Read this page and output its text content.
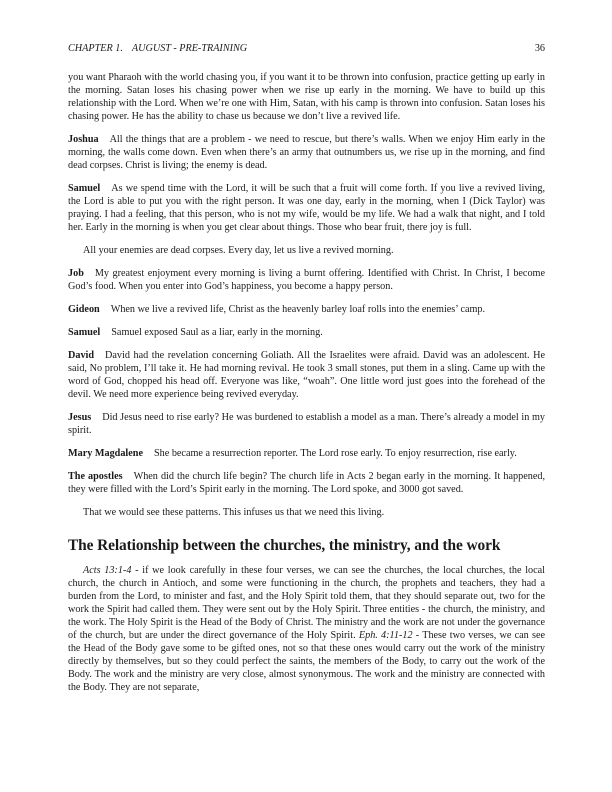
CHAPTER 1. AUGUST - PRE-TRAINING	36

you want Pharaoh with the world chasing you, if you want it to be thrown into confusion, practice getting up early in the morning. Satan loses his chasing power when we rise up early in the morning. We have to build up this relationship with the Lord. When we’re one with Him, Satan, with his camp is thrown into confusion. Satan loses his chasing power. He has the ability to chase us because we don’t live a revived life.

Joshua All the things that are a problem - we need to rescue, but there’s walls. When we enjoy Him early in the morning, the walls come down. Even when there’s an army that outnumbers us, we rise up in the morning, and find dead corpses. Christ is living; the enemy is dead.

Samuel As we spend time with the Lord, it will be such that a fruit will come forth. If you live a revived living, the Lord is able to put you with the right person. It was one day, early in the morning, when I (Dick Taylor) was praying. I had a feeling, that this person, who is not my wife, would be my life. We had a walk that night, and I told her. Early in the morning is when you get clear about things. Those who bear fruit, there joy is full.

All your enemies are dead corpses. Every day, let us live a revived morning.

Job My greatest enjoyment every morning is living a burnt offering. Identified with Christ. In Christ, I become God’s food. When you enter into God’s happiness, you become a happy person.

Gideon When we live a revived life, Christ as the heavenly barley loaf rolls into the enemies’ camp.

Samuel Samuel exposed Saul as a liar, early in the morning.

David David had the revelation concerning Goliath. All the Israelites were afraid. David was an adolescent. He said, No problem, I’ll take it. He had morning revival. He took 3 small stones, put them in a sling. Came up with the word of God, chopped his head off. Everyone was like, “woah”. One little word just goes into the forehead of the devil. We need more experience being revived everyday.

Jesus Did Jesus need to rise early? He was burdened to establish a model as a man. There’s already a model in my spirit.

Mary Magdalene She became a resurrection reporter. The Lord rose early. To enjoy resurrection, rise early.

The apostles When did the church life begin? The church life in Acts 2 began early in the morning. It happened, they were filled with the Lord’s Spirit early in the morning. The Lord spoke, and 3000 got saved.

That we would see these patterns. This infuses us that we need this living.

The Relationship between the churches, the ministry, and the work

Acts 13:1-4 - if we look carefully in these four verses, we can see the churches, the local churches, the local church, the church in Antioch, and some were functioning in the church, the prophets and teachers, they had a burden from the Lord, to minister and fast, and the Holy Spirit told them, that they should separate out, two for the work the Spirit had called them. They were sent out by the Holy Spirit. Three entities - the church, the ministry, and the work. The Holy Spirit is the Head of the Body of Christ. The ministry and the work are not under the governance of the church, but are under the direct governance of the Holy Spirit. Eph. 4:11-12 - These two verses, we can see the Head of the Body gave some to be gifted ones, not so that these ones would carry out the work of the ministry directly by themselves, but so they could perfect the saints, the members of the Body, to carry out the work of the Body. The work and the ministry are very close, almost synonymous. The work and the ministry are connected with the Body. They are not separate,
